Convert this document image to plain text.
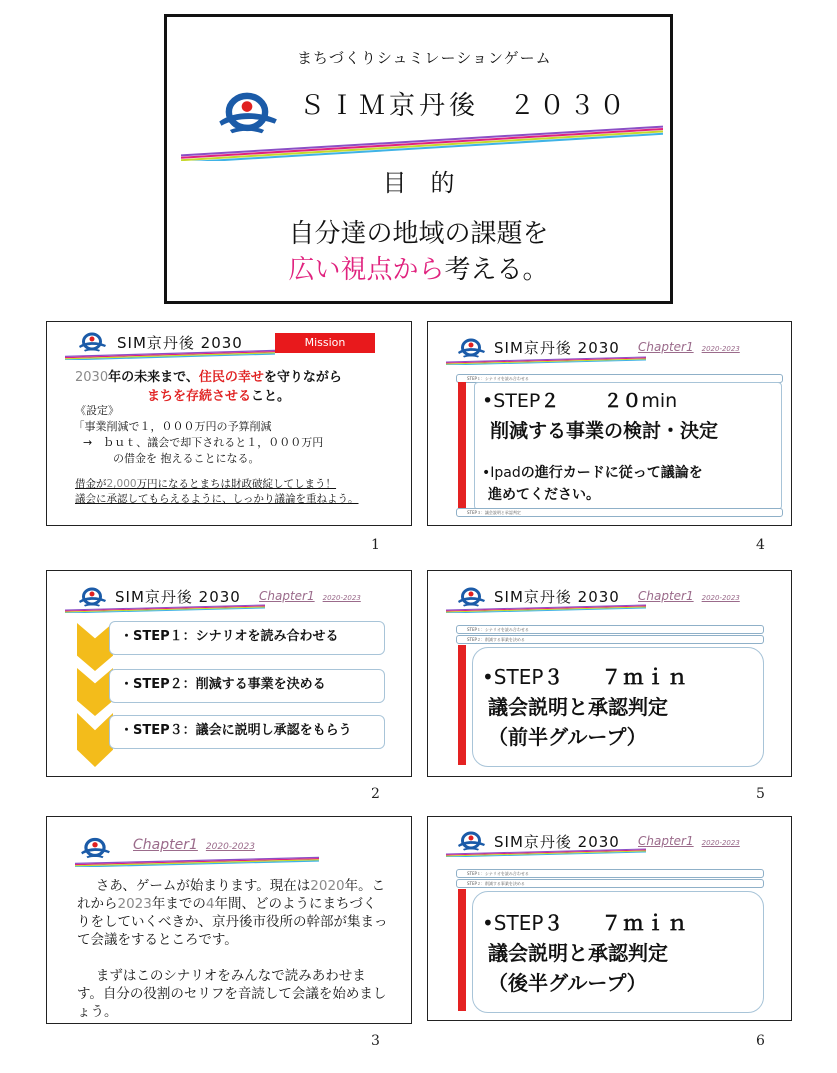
まちづくりシュミレーションゲーム
ＳＩＭ京丹後　２０３０
目　的
自分達の地域の課題を
広い視点から考える。
SIM京丹後 2030	Mission
2030年の未来まで、住民の幸せを守りながら
まちを存続させること。
《設定》
｢事業削減で１，０００万円の予算削減
→　ｂｕｔ、議会で却下されると１，０００万円
の借金を 抱えることになる。
借金が2,000万円になるとまちは財政破綻してしまう！
議会に承認してもらえるように、しっかり議論を重ねよう。
1
SIM京丹後 2030 Chapter1 2020-2023
STEP１：シナリオを読み合わせる
•STEP２ ２０min
削減する事業の検討・決定
•Ipadの進行カードに従って議論を
進めてください。
STEP３：議会説明と承認判定
4
SIM京丹後 2030 Chapter1 2020-2023
・STEP１：シナリオを読み合わせる
・STEP２：削減する事業を決める
・STEP３：議会に説明し承認をもらう
2
SIM京丹後 2030 Chapter1 2020-2023
STEP１：シナリオを読み合わせる
STEP２：削減する事業を決める
•STEP３ ７ｍｉｎ
議会説明と承認判定
（前半グループ）
5
Chapter1 2020-2023
さあ、ゲームが始まります。現在は2020年。これから2023年までの4年間、どのようにまちづくりをしていくべきか、京丹後市役所の幹部が集まって会議をするところです。
まずはこのシナリオをみんなで読みあわせます。自分の役割のセリフを音読して会議を始めましょう。
3
SIM京丹後 2030 Chapter1 2020-2023
STEP１：シナリオを読み合わせる
STEP２：削減する事業を決める
•STEP３ ７ｍｉｎ
議会説明と承認判定
（後半グループ）
6
